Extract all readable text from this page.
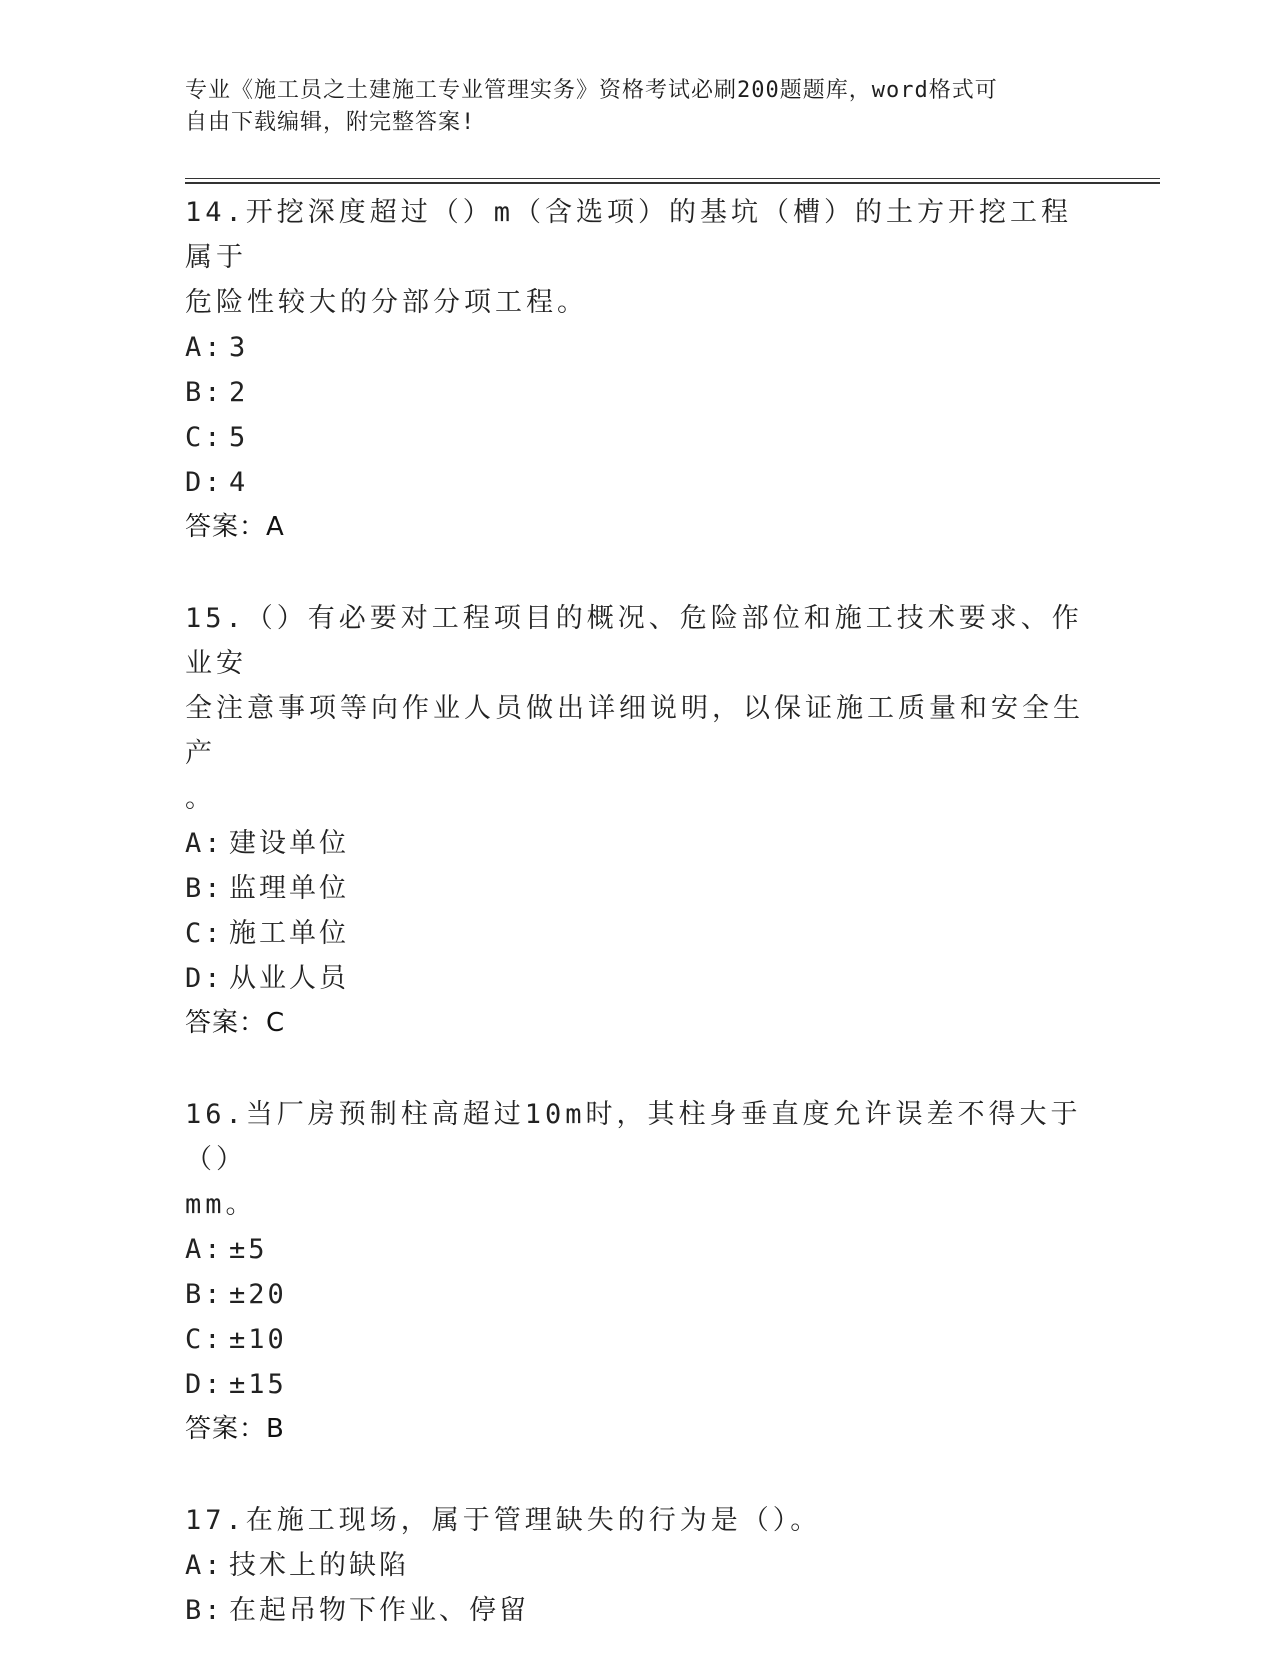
专业《施工员之土建施工专业管理实务》资格考试必刷200题题库，word格式可

自由下载编辑，附完整答案!

14.开挖深度超过（）m（含选项）的基坑（槽）的土方开挖工程属于

危险性较大的分部分项工程。

A: 3

B: 2

C: 5

D: 4

答案：A

15.（）有必要对工程项目的概况、危险部位和施工技术要求、作业安

全注意事项等向作业人员做出详细说明，以保证施工质量和安全生产

。

A: 建设单位

B: 监理单位

C: 施工单位

D: 从业人员

答案：C

16.当厂房预制柱高超过10m时，其柱身垂直度允许误差不得大于（）

mm。

A: ±5

B: ±20

C: ±10

D: ±15

答案：B

17.在施工现场，属于管理缺失的行为是（）。

A: 技术上的缺陷

B: 在起吊物下作业、停留
